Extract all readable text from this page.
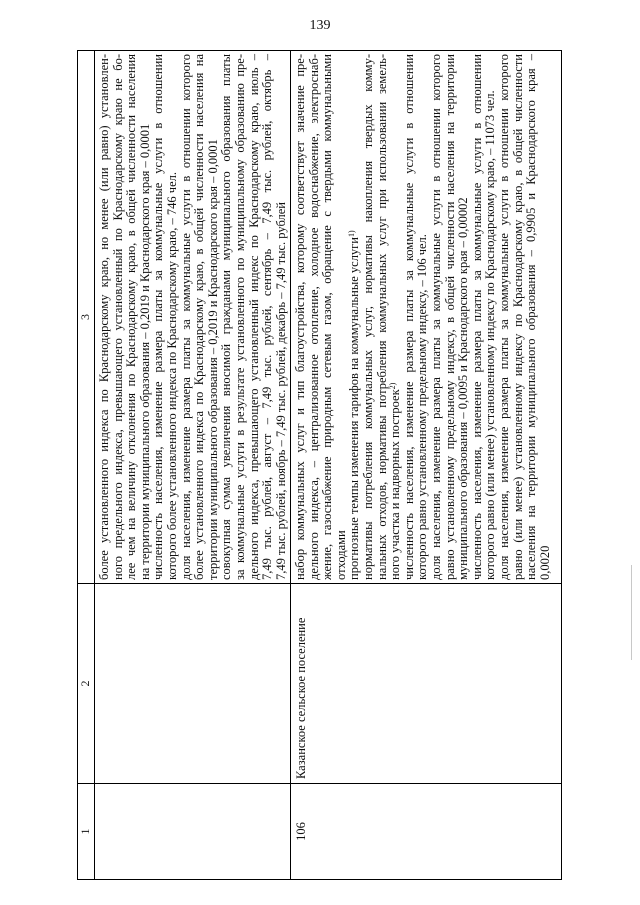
139
1
2
3 более установленного индекса по Краснодарскому краю, но менее (или равно) установлен- ного предельного индекса, превышающего установленный по Краснодарскому краю не бо- лее чем на величину отклонения по Краснодарскому краю, в общей численности населения на территории муниципального образования – 0,2019 и Краснодарского края – 0,0001 численность населения, изменение размера платы за коммунальные услуги в отношении которого более установленного индекса по Краснодарскому краю, – 746 чел. доля населения, изменение размера платы за коммунальные услуги в отношении которого более установленного индекса по Краснодарскому краю, в общей численности населения на территории муниципального образования – 0,2019 и Краснодарского края – 0,0001 совокупная сумма увеличения вносимой гражданами муниципального образования платы за коммунальные услуги в результате установленного по муниципальному образованию пре- дельного индекса, превышающего установленный индекс по Краснодарскому краю, июль – 7,49 тыс. рублей, август – 7,49 тыс. рублей, сентябрь – 7,49 тыс. рублей, октябрь – 7,49 тыс. рублей, ноябрь – 7,49 тыс. рублей, декабрь – 7,49 тыс. рублей
106
Казанское сельское поселение
набор коммунальных услуг и тип благоустройства, которому соответствует значение пре- дельного индекса, – централизованное отопление, холодное водоснабжение, электроснаб- жение, газоснабжение природным сетевым газом, обращение с твердыми коммунальными отходами прогнозные темпы изменения тарифов на коммунальные услуги$^{1)}$ нормативы потребления коммунальных услуг, нормативы накопления твердых комму- нальных отходов, нормативы потребления коммунальных услуг при использовании земель- ного участка и надворных построек$^{2)}$ численность населения, изменение размера платы за коммунальные услуги в отношении которого равно установленному предельному индексу, – 106 чел. доля населения, изменение размера платы за коммунальные услуги в отношении которого равно установленному предельному индексу, в общей численности населения на территории муниципального образования – 0,0095 и Краснодарского края – 0,00002 численность населения, изменение размера платы за коммунальные услуги в отношении которого равно (или менее) установленному индексу по Краснодарскому краю, – 11073 чел. доля населения, изменение размера платы за коммунальные услуги в отношении которого равно (или менее) установленному индексу по Краснодарскому краю, в общей численности населения на территории муниципального образования – 0,9905 и Краснодарского края – 0,0020
